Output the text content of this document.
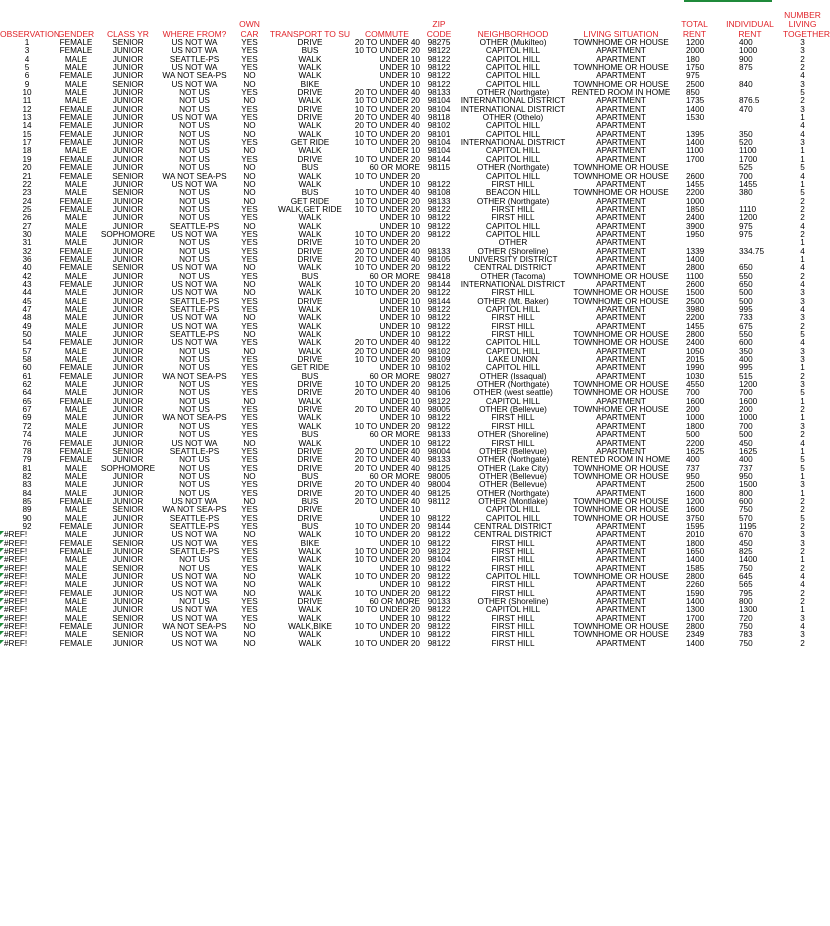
OBSERVATION	GENDER	CLASS YR	WHERE FROM?	OWN CAR	TRANSPORT TO SU	COMMUTE	ZIP CODE	NEIGHBORHOOD	LIVING SITUATION	TOTAL RENT	INDIVIDUAL RENT	NUMBER LIVING TOGETHER
1	FEMALE	SENIOR	US NOT WA	YES	DRIVE	20 TO UNDER 40	98275	OTHER (Mukilteo)	TOWNHOME OR HOUSE	1200	400	3
3	FEMALE	JUNIOR	US NOT WA	YES	BUS	10 TO UNDER 20	98122	CAPITOL HILL	APARTMENT	2000	1000	3
4	MALE	JUNIOR	SEATTLE-PS	YES	WALK	UNDER 10	98122	CAPITOL HILL	APARTMENT	180	900	2
5	MALE	JUNIOR	US NOT WA	YES	WALK	UNDER 10	98122	CAPITOL HILL	TOWNHOME OR HOUSE	1750	875	2
6	FEMALE	JUNIOR	WA NOT SEA-PS	NO	WALK	UNDER 10	98122	CAPITOL HILL	APARTMENT	975		4
9	MALE	SENIOR	US NOT WA	NO	BIKE	UNDER 10	98122	CAPITOL HILL	TOWNHOME OR HOUSE	2500	840	3
10	MALE	JUNIOR	NOT US	YES	DRIVE	20 TO UNDER 40	98133	OTHER (Northgate)	RENTED ROOM IN HOME	850		5
11	MALE	JUNIOR	NOT US	NO	WALK	10 TO UNDER 20	98104	INTERNATIONAL DISTRICT	APARTMENT	1735	876.5	2
12	FEMALE	JUNIOR	NOT US	YES	DRIVE	10 TO UNDER 20	98104	INTERNATIONAL DISTRICT	APARTMENT	1400	470	3
13	FEMALE	JUNIOR	US NOT WA	YES	DRIVE	20 TO UNDER 40	98118	OTHER (Othelo)	APARTMENT	1530		1
14	FEMALE	JUNIOR	NOT US	NO	WALK	20 TO UNDER 40	98102	CAPITOL HILL	APARTMENT			4
15	FEMALE	JUNIOR	NOT US	NO	WALK	10 TO UNDER 20	98101	CAPITOL HILL	APARTMENT	1395	350	4
17	FEMALE	JUNIOR	NOT US	YES	GET RIDE	10 TO UNDER 20	98104	INTERNATIONAL DISTRICT	APARTMENT	1400	520	3
18	MALE	JUNIOR	NOT US	NO	WALK	UNDER 10	98104	CAPITOL HILL	APARTMENT	1100	1100	1
19	FEMALE	JUNIOR	NOT US	YES	DRIVE	10 TO UNDER 20	98144	CAPITOL HILL	APARTMENT	1700	1700	1
20	FEMALE	JUNIOR	NOT US	NO	BUS	60 OR MORE	98115	OTHER (Northgate)	TOWNHOME OR HOUSE		525	5
21	FEMALE	SENIOR	WA NOT SEA-PS	NO	WALK	10 TO UNDER 20		CAPITOL HILL	TOWNHOME OR HOUSE	2600	700	4
22	MALE	JUNIOR	US NOT WA	NO	WALK	UNDER 10	98122	FIRST HILL	APARTMENT	1455	1455	1
23	MALE	SENIOR	NOT US	NO	BUS	10 TO UNDER 40	98108	BEACON HILL	TOWNHOME OR HOUSE	2200	380	5
24	FEMALE	JUNIOR	NOT US	NO	GET RIDE	10 TO UNDER 20	98133	OTHER (Northgate)	APARTMENT	1000		2
25	FEMALE	JUNIOR	NOT US	YES	WALK,GET RIDE	10 TO UNDER 20	98122	FIRST HILL	APARTMENT	1850	1110	2
26	MALE	JUNIOR	NOT US	YES	WALK	UNDER 10	98122	FIRST HILL	APARTMENT	2400	1200	2
27	MALE	JUNIOR	SEATTLE-PS	NO	WALK	UNDER 10	98122	CAPITOL HILL	APARTMENT	3900	975	4
30	MALE	SOPHOMORE	US NOT WA	YES	WALK	10 TO UNDER 20	98122	CAPITOL HILL	APARTMENT	1950	975	2
31	MALE	JUNIOR	NOT US	YES	DRIVE	10 TO UNDER 20		OTHER	APARTMENT			1
32	FEMALE	JUNIOR	NOT US	YES	DRIVE	20 TO UNDER 40	98133	OTHER (Shoreline)	APARTMENT	1339	334.75	4
36	FEMALE	JUNIOR	NOT US	YES	DRIVE	20 TO UNDER 40	98105	UNIVERSITY DISTRICT	APARTMENT	1400		1
40	FEMALE	SENIOR	US NOT WA	NO	WALK	10 TO UNDER 20	98122	CENTRAL DISTRICT	APARTMENT	2800	650	4
42	MALE	JUNIOR	NOT US	YES	BUS	60 OR MORE	98418	OTHER (Tacoma)	TOWNHOME OR HOUSE	1100	550	2
43	FEMALE	JUNIOR	US NOT WA	NO	WALK	10 TO UNDER 20	98144	INTERNATIONAL DISTRICT	APARTMENT	2600	650	4
44	MALE	JUNIOR	US NOT WA	NO	WALK	10 TO UNDER 20	98122	FIRST HILL	TOWNHOME OR HOUSE	1500	500	3
45	MALE	JUNIOR	SEATTLE-PS	YES	DRIVE	UNDER 10	98144	OTHER (Mt. Baker)	TOWNHOME OR HOUSE	2500	500	3
47	MALE	JUNIOR	SEATTLE-PS	YES	WALK	UNDER 10	98122	CAPITOL HILL	APARTMENT	3980	995	4
48	MALE	JUNIOR	US NOT WA	NO	WALK	UNDER 10	98122	FIRST HILL	APARTMENT	2200	733	3
49	MALE	JUNIOR	US NOT WA	YES	WALK	UNDER 10	98122	FIRST HILL	APARTMENT	1455	675	2
50	MALE	JUNIOR	SEATTLE-PS	NO	WALK	UNDER 10	98122	FIRST HILL	TOWNHOME OR HOUSE	2800	550	5
54	FEMALE	JUNIOR	US NOT WA	YES	WALK	20 TO UNDER 40	98122	CAPITOL HILL	TOWNHOME OR HOUSE	2400	600	4
57	MALE	JUNIOR	NOT US	NO	WALK	20 TO UNDER 40	98102	CAPITOL HILL	APARTMENT	1050	350	3
58	MALE	JUNIOR	NOT US	YES	DRIVE	10 TO UNDER 20	98109	LAKE UNION	APARTMENT	2015	400	3
60	FEMALE	JUNIOR	NOT US	YES	GET RIDE	UNDER 10	98102	CAPITOL HILL	APARTMENT	1990	995	1
61	FEMALE	JUNIOR	WA NOT SEA-PS	YES	BUS	60 OR MORE	98027	OTHER (Issaqual)	APARTMENT	1030	515	2
62	MALE	JUNIOR	NOT US	YES	DRIVE	10 TO UNDER 20	98125	OTHER (Northgate)	TOWNHOME OR HOUSE	4550	1200	3
64	MALE	JUNIOR	NOT US	YES	DRIVE	20 TO UNDER 40	98106	OTHER (west seattle)	TOWNHOME OR HOUSE	700	700	5
65	FEMALE	JUNIOR	NOT US	NO	WALK	UNDER 10	98122	CAPITOL HILL	APARTMENT	1600	1600	1
67	MALE	JUNIOR	NOT US	YES	DRIVE	20 TO UNDER 40	98005	OTHER (Bellevue)	TOWNHOME OR HOUSE	200	200	2
69	MALE	JUNIOR	WA NOT SEA-PS	YES	WALK	UNDER 10	98122	FIRST HILL	APARTMENT	1000	1000	1
72	MALE	JUNIOR	NOT US	YES	WALK	10 TO UNDER 20	98122	FIRST HILL	APARTMENT	1800	700	3
74	MALE	JUNIOR	NOT US	YES	BUS	60 OR MORE	98133	OTHER (Shoreline)	APARTMENT	500	500	2
76	FEMALE	JUNIOR	US NOT WA	NO	WALK	UNDER 10	98122	FIRST HILL	APARTMENT	2200	450	4
78	FEMALE	SENIOR	SEATTLE-PS	YES	DRIVE	20 TO UNDER 40	98004	OTHER (Bellevue)	APARTMENT	1625	1625	1
79	FEMALE	JUNIOR	NOT US	YES	DRIVE	20 TO UNDER 40	98133	OTHER (Northgate)	RENTED ROOM IN HOME	400	400	5
81	MALE	SOPHOMORE	NOT US	YES	DRIVE	20 TO UNDER 40	98125	OTHER (Lake City)	TOWNHOME OR HOUSE	737	737	5
82	MALE	JUNIOR	NOT US	NO	BUS	60 OR MORE	98005	OTHER (Bellevue)	TOWNHOME OR HOUSE	950	950	1
83	MALE	JUNIOR	NOT US	YES	DRIVE	20 TO UNDER 40	98004	OTHER (Bellevue)	APARTMENT	2500	1500	3
84	MALE	JUNIOR	NOT US	YES	DRIVE	20 TO UNDER 40	98125	OTHER (Northgate)	APARTMENT	1600	800	1
85	FEMALE	JUNIOR	US NOT WA	NO	BUS	20 TO UNDER 40	98112	OTHER (Montlake)	TOWNHOME OR HOUSE	1200	600	2
89	MALE	SENIOR	WA NOT SEA-PS	YES	DRIVE	UNDER 10		CAPITOL HILL	TOWNHOME OR HOUSE	1600	750	2
90	MALE	JUNIOR	SEATTLE-PS	YES	DRIVE	UNDER 10	98122	CAPITOL HILL	TOWNHOME OR HOUSE	3750	570	5
92	FEMALE	JUNIOR	SEATTLE-PS	YES	BUS	10 TO UNDER 20	98144	CENTRAL DISTRICT	APARTMENT	1595	1195	2
#REF!	MALE	JUNIOR	US NOT WA	NO	WALK	10 TO UNDER 20	98122	CENTRAL DISTRICT	APARTMENT	2010	670	3
#REF!	FEMALE	SENIOR	US NOT WA	YES	BIKE	UNDER 10	98122	FIRST HILL	APARTMENT	1800	450	3
#REF!	FEMALE	JUNIOR	SEATTLE-PS	YES	WALK	10 TO UNDER 20	98122	FIRST HILL	APARTMENT	1650	825	2
#REF!	MALE	JUNIOR	NOT US	YES	WALK	10 TO UNDER 20	98104	FIRST HILL	APARTMENT	1400	1400	1
#REF!	MALE	SENIOR	NOT US	YES	WALK	UNDER 10	98122	FIRST HILL	APARTMENT	1585	750	2
#REF!	MALE	JUNIOR	US NOT WA	NO	WALK	10 TO UNDER 20	98122	CAPITOL HILL	TOWNHOME OR HOUSE	2800	645	4
#REF!	MALE	JUNIOR	US NOT WA	NO	WALK	UNDER 10	98122	FIRST HILL	APARTMENT	2260	565	4
#REF!	FEMALE	JUNIOR	US NOT WA	NO	WALK	10 TO UNDER 20	98122	FIRST HILL	APARTMENT	1590	795	2
#REF!	MALE	JUNIOR	NOT US	YES	DRIVE	60 OR MORE	90133	OTHER (Shoreline)	APARTMENT	1400	800	2
#REF!	MALE	JUNIOR	US NOT WA	YES	WALK	10 TO UNDER 20	98122	CAPITOL HILL	APARTMENT	1300	1300	1
#REF!	MALE	SENIOR	US NOT WA	YES	WALK	UNDER 10	98122	FIRST HILL	APARTMENT	1700	720	3
#REF!	FEMALE	JUNIOR	WA NOT SEA-PS	NO	WALK,BIKE	10 TO UNDER 20	98122	FIRST HILL	TOWNHOME OR HOUSE	2800	750	4
#REF!	MALE	SENIOR	US NOT WA	NO	WALK	UNDER 10	98122	FIRST HILL	TOWNHOME OR HOUSE	2349	783	3
#REF!	FEMALE	JUNIOR	US NOT WA	NO	WALK	10 TO UNDER 20	98122	FIRST HILL	APARTMENT	1400	750	2
